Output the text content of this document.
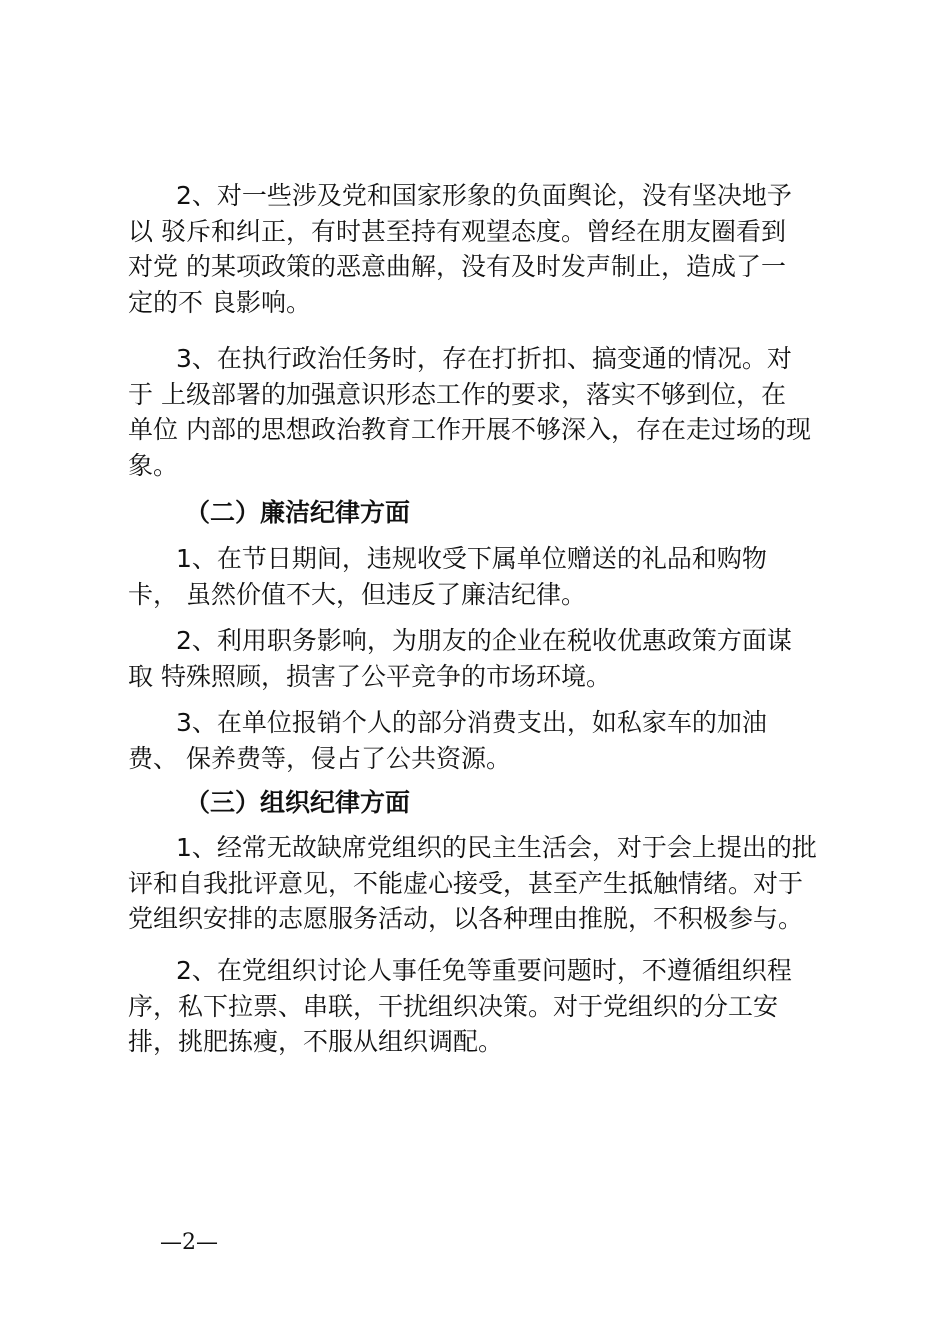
2、对一些涉及党和国家形象的负面舆论，没有坚决地予
以 驳斥和纠正，有时甚至持有观望态度。曾经在朋友圈看到
对党 的某项政策的恶意曲解，没有及时发声制止，造成了一
定的不 良影响。

3、在执行政治任务时，存在打折扣、搞变通的情况。对
于 上级部署的加强意识形态工作的要求，落实不够到位，在
单位 内部的思想政治教育工作开展不够深入，存在走过场的现
象。

（二）廉洁纪律方面

1、在节日期间，违规收受下属单位赠送的礼品和购物
卡， 虽然价值不大，但违反了廉洁纪律。

2、利用职务影响，为朋友的企业在税收优惠政策方面谋
取 特殊照顾，损害了公平竞争的市场环境。

3、在单位报销个人的部分消费支出，如私家车的加油
费、 保养费等，侵占了公共资源。

（三）组织纪律方面

1、经常无故缺席党组织的民主生活会，对于会上提出的批
评和自我批评意见，不能虚心接受，甚至产生抵触情绪。对于
党组织安排的志愿服务活动，以各种理由推脱，不积极参与。

2、在党组织讨论人事任免等重要问题时，不遵循组织程
序，私下拉票、串联，干扰组织决策。对于党组织的分工安
排，挑肥拣瘦，不服从组织调配。

—2—
